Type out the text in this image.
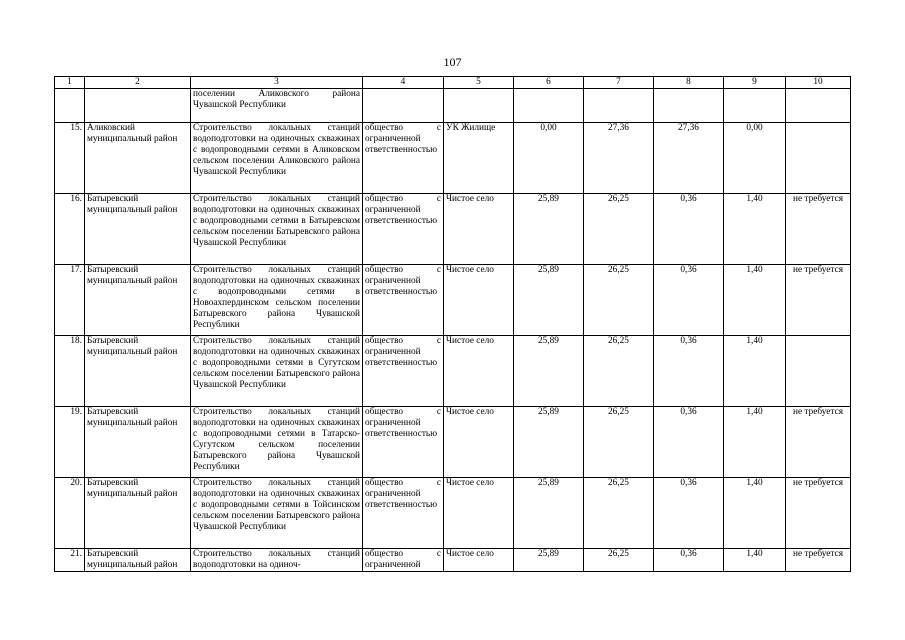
107
1	2	3	4	5	6	7	8	9	10
		поселении Аликовского района Чувашской Республики							
15.	Аликовский муниципальный район	Строительство локальных станций водоподготовки на одиночных скважинах с водопроводными сетями в Аликовском сельском поселении Аликовского района Чувашской Республики	общество с ограниченной ответственностью	УК Жилище	0,00	27,36	27,36	0,00	
16.	Батыревский муниципальный район	Строительство локальных станций водоподготовки на одиночных скважинах с водопроводными сетями в Батыревском сельском поселении Батыревского района Чувашской Республики	общество с ограниченной ответственностью	Чистое село	25,89	26,25	0,36	1,40	не требуется
17.	Батыревский муниципальный район	Строительство локальных станций водоподготовки на одиночных скважинах с водопроводными сетями в Новоахпердинском сельском поселении Батыревского района Чувашской Республики	общество с ограниченной ответственностью	Чистое село	25,89	26,25	0,36	1,40	не требуется
18.	Батыревский муниципальный район	Строительство локальных станций водоподготовки на одиночных скважинах с водопроводными сетями в Сугутском сельском поселении Батыревского района Чувашской Республики	общество с ограниченной ответственностью	Чистое село	25,89	26,25	0,36	1,40	
19.	Батыревский муниципальный район	Строительство локальных станций водоподготовки на одиночных скважинах с водопроводными сетями в Татарско-Сугутском сельском поселении Батыревского района Чувашской Республики	общество с ограниченной ответственностью	Чистое село	25,89	26,25	0,36	1,40	не требуется
20.	Батыревский муниципальный район	Строительство локальных станций водоподготовки на одиночных скважинах с водопроводными сетями в Тойсинском сельском поселении Батыревского района Чувашской Республики	общество с ограниченной ответственностью	Чистое село	25,89	26,25	0,36	1,40	не требуется
21.	Батыревский муниципальный район	Строительство локальных станций водоподготовки на одиноч-	общество с ограниченной	Чистое село	25,89	26,25	0,36	1,40	не требуется
